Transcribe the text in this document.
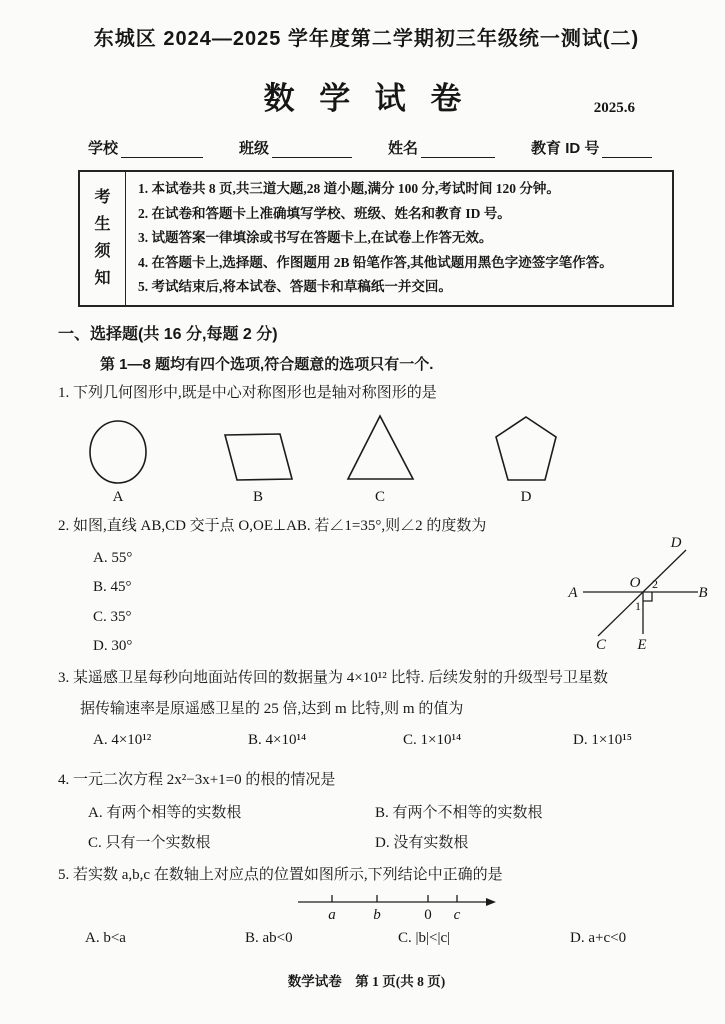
东城区 2024—2025 学年度第二学期初三年级统一测试(二)
数 学 试 卷	2025.6
学校	班级	姓名	教育 ID 号
考生须知
1. 本试卷共 8 页,共三道大题,28 道小题,满分 100 分,考试时间 120 分钟。
2. 在试卷和答题卡上准确填写学校、班级、姓名和教育 ID 号。
3. 试题答案一律填涂或书写在答题卡上,在试卷上作答无效。
4. 在答题卡上,选择题、作图题用 2B 铅笔作答,其他试题用黑色字迹签字笔作答。
5. 考试结束后,将本试卷、答题卡和草稿纸一并交回。
一、选择题(共 16 分,每题 2 分)
第 1—8 题均有四个选项,符合题意的选项只有一个.
1. 下列几何图形中,既是中心对称图形也是轴对称图形的是
A	B	C	D
2. 如图,直线 AB,CD 交于点 O,OE⊥AB. 若∠1=35°,则∠2 的度数为
A. 55°
B. 45°
C. 35°
D. 30°
A	B
C
D
E
O
1
2
3. 某遥感卫星每秒向地面站传回的数据量为 4×10¹² 比特. 后续发射的升级型号卫星数
据传输速率是原遥感卫星的 25 倍,达到 m 比特,则 m 的值为
A. 4×10¹²	B. 4×10¹⁴	C. 1×10¹⁴	D. 1×10¹⁵
4. 一元二次方程 2x²−3x+1=0 的根的情况是
A. 有两个相等的实数根	B. 有两个不相等的实数根
C. 只有一个实数根	D. 没有实数根
5. 若实数 a,b,c 在数轴上对应点的位置如图所示,下列结论中正确的是
a	b	0 c
A. b<a	B. ab<0	C. |b|<|c|	D. a+c<0
数学试卷　第 1 页(共 8 页)
